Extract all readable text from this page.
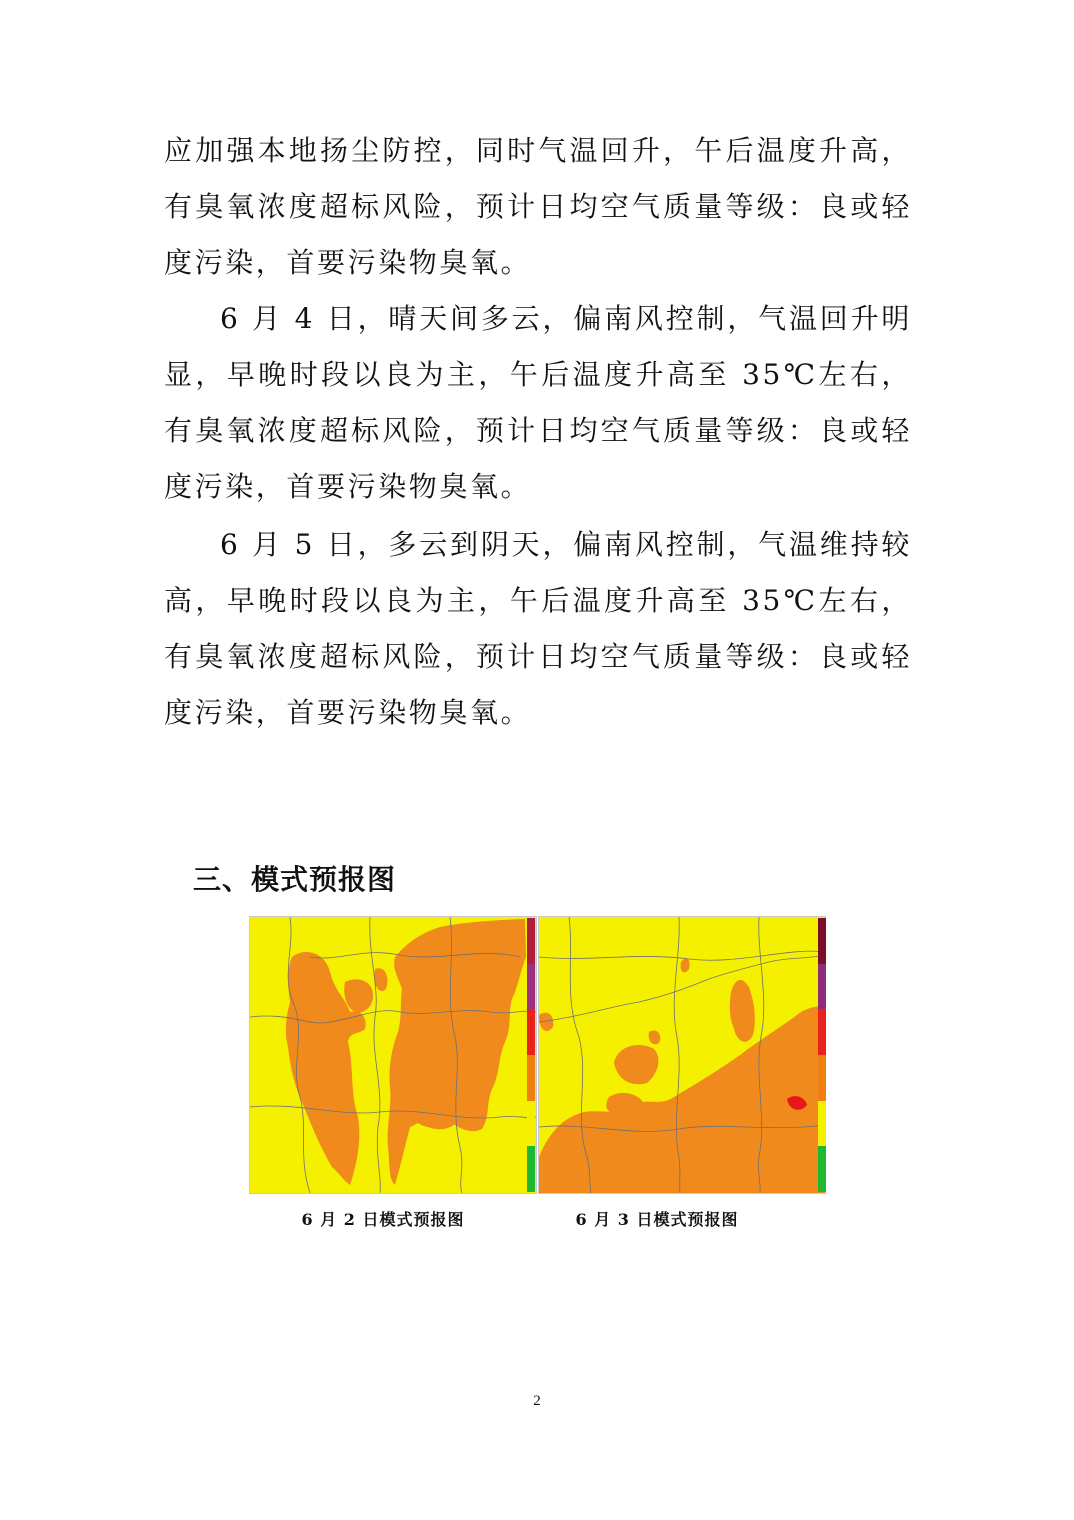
应加强本地扬尘防控，同时气温回升，午后温度升高，有臭氧浓度超标风险，预计日均空气质量等级：良或轻度污染，首要污染物臭氧。

6 月 4 日，晴天间多云，偏南风控制，气温回升明显，早晚时段以良为主，午后温度升高至 35℃左右，有臭氧浓度超标风险，预计日均空气质量等级：良或轻度污染，首要污染物臭氧。

6 月 5 日，多云到阴天，偏南风控制，气温维持较高，早晚时段以良为主，午后温度升高至 35℃左右，有臭氧浓度超标风险，预计日均空气质量等级：良或轻度污染，首要污染物臭氧。

三、模式预报图
6 月 2 日模式预报图	6 月 3 日模式预报图
2
